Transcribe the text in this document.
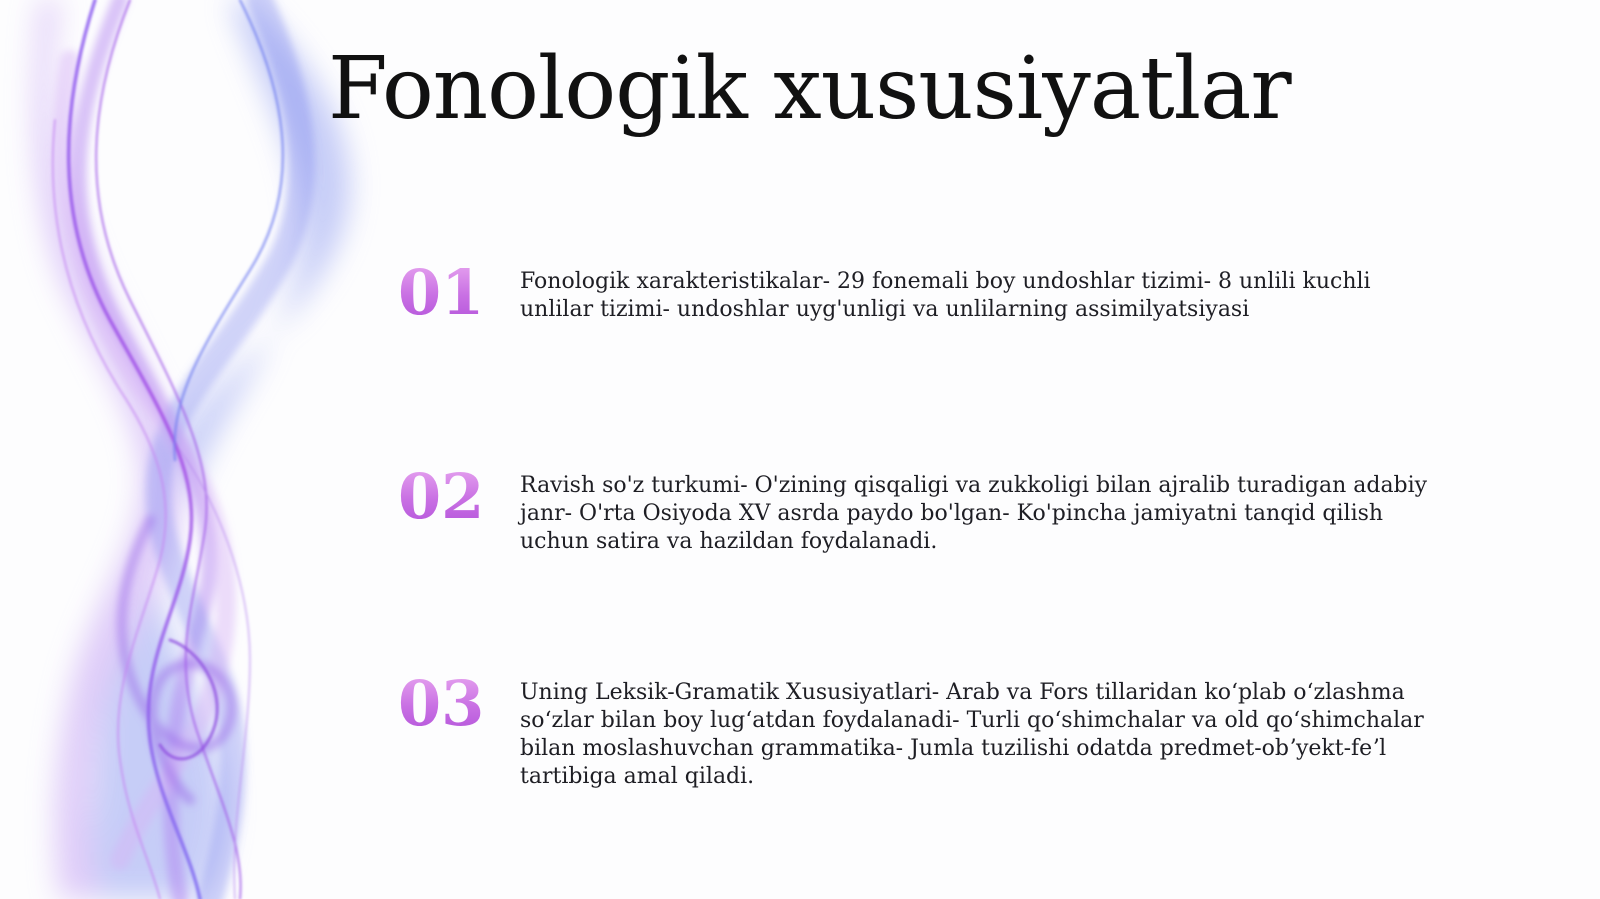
Fonologik xususiyatlar
01 Fonologik xarakteristikalar- 29 fonemali boy undoshlar tizimi- 8 unlili kuchli unlilar tizimi- undoshlar uyg'unligi va unlilarning assimilyatsiyasi

02 Ravish so'z turkumi- O'zining qisqaligi va zukkoligi bilan ajralib turadigan adabiy janr- O'rta Osiyoda XV asrda paydo bo'lgan- Ko'pincha jamiyatni tanqid qilish uchun satira va hazildan foydalanadi.

03 Uning Leksik-Gramatik Xususiyatlari- Arab va Fors tillaridan koʻplab oʻzlashma soʻzlar bilan boy lugʻatdan foydalanadi- Turli qoʻshimchalar va old qoʻshimchalar bilan moslashuvchan grammatika- Jumla tuzilishi odatda predmet-obʼyekt-feʼl tartibiga amal qiladi.
